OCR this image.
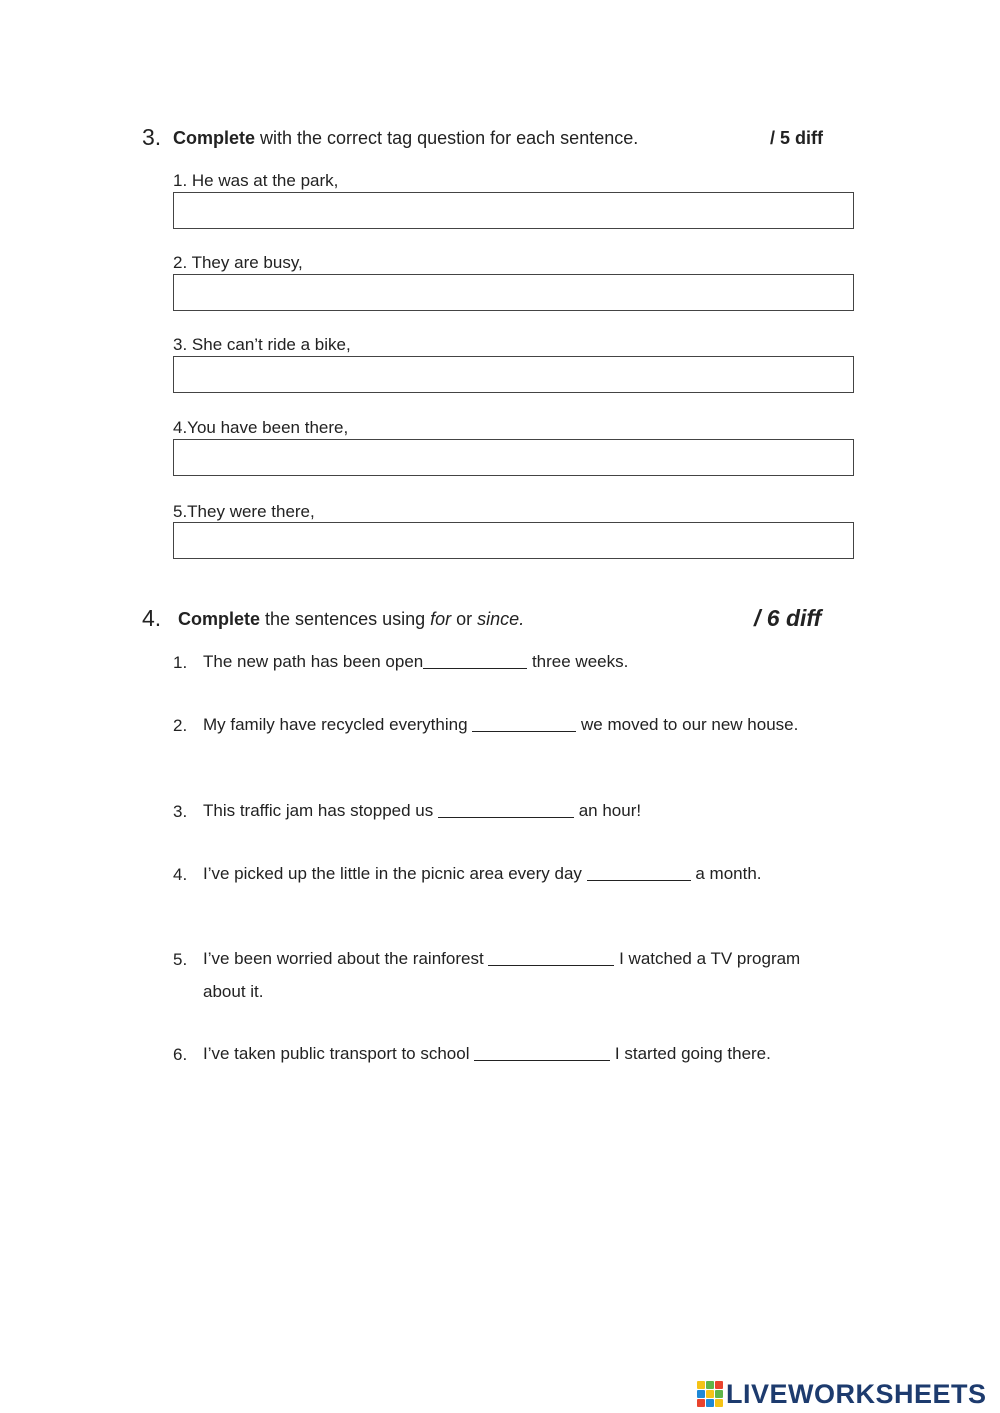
3. Complete with the correct tag question for each sentence.	/ 5 diff
1. He was at the park,
2. They are busy,
3. She can’t ride a bike,
4.You have been there,
5.They were there,
4. Complete the sentences using for or since.	/ 6 diff
1. The new path has been open	three weeks.
2. My family have recycled everything	we moved to our new house.
3. This traffic jam has stopped us	an hour!
4. I’ve picked up the little in the picnic area every day	a month.
5. I’ve been worried about the rainforest	I watched a TV program
about it.
6. I’ve taken public transport to school	I started going there.
LIVEWORKSHEETS
